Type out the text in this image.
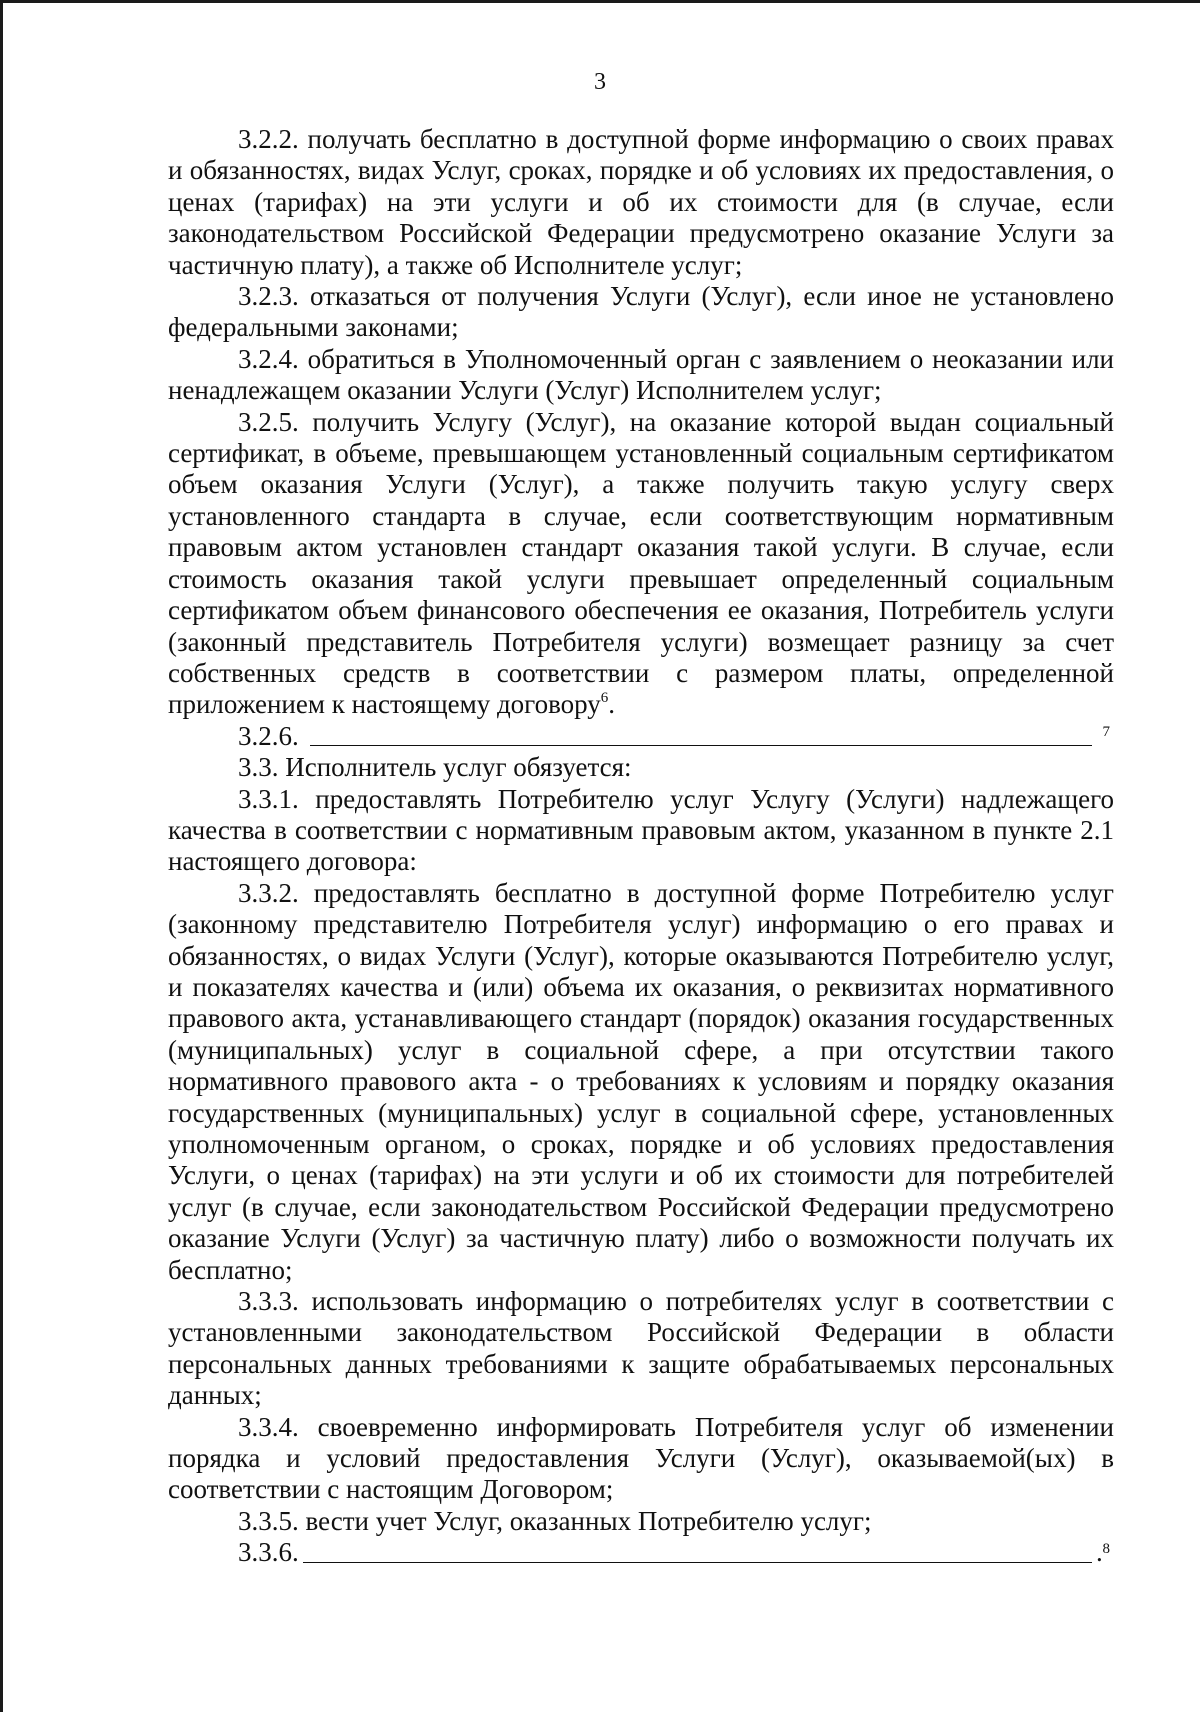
3

3.2.2. получать бесплатно в доступной форме информацию о своих правах и обязанностях, видах Услуг, сроках, порядке и об условиях их предоставления, о ценах (тарифах) на эти услуги и об их стоимости для (в случае, если законодательством Российской Федерации предусмотрено оказание Услуги за частичную плату), а также об Исполнителе услуг;

3.2.3. отказаться от получения Услуги (Услуг), если иное не установлено федеральными законами;

3.2.4. обратиться в Уполномоченный орган с заявлением о неоказании или ненадлежащем оказании Услуги (Услуг) Исполнителем услуг;

3.2.5. получить Услугу (Услуг), на оказание которой выдан социальный сертификат, в объеме, превышающем установленный социальным сертификатом объем оказания Услуги (Услуг), а также получить такую услугу сверх установленного стандарта в случае, если соответствующим нормативным правовым актом установлен стандарт оказания такой услуги. В случае, если стоимость оказания такой услуги превышает определенный социальным сертификатом объем финансового обеспечения ее оказания, Потребитель услуги (законный представитель Потребителя услуги) возмещает разницу за счет собственных средств в соответствии с размером платы, определенной приложением к настоящему договору$^6$.

3.2.6.	7

3.3. Исполнитель услуг обязуется:

3.3.1. предоставлять Потребителю услуг Услугу (Услуги) надлежащего качества в соответствии с нормативным правовым актом, указанном в пункте 2.1 настоящего договора:

3.3.2. предоставлять бесплатно в доступной форме Потребителю услуг (законному представителю Потребителя услуг) информацию о его правах и обязанностях, о видах Услуги (Услуг), которые оказываются Потребителю услуг, и показателях качества и (или) объема их оказания, о реквизитах нормативного правового акта, устанавливающего стандарт (порядок) оказания государственных (муниципальных) услуг в социальной сфере, а при отсутствии такого нормативного правового акта - о требованиях к условиям и порядку оказания государственных (муниципальных) услуг в социальной сфере, установленных уполномоченным органом, о сроках, порядке и об условиях предоставления Услуги, о ценах (тарифах) на эти услуги и об их стоимости для потребителей услуг (в случае, если законодательством Российской Федерации предусмотрено оказание Услуги (Услуг) за частичную плату) либо о возможности получать их бесплатно;

3.3.3. использовать информацию о потребителях услуг в соответствии с установленными законодательством Российской Федерации в области персональных данных требованиями к защите обрабатываемых персональных данных;

3.3.4. своевременно информировать Потребителя услуг об изменении порядка и условий предоставления Услуги (Услуг), оказываемой(ых) в соответствии с настоящим Договором;

3.3.5. вести учет Услуг, оказанных Потребителю услуг;

3.3.6.	8
.
